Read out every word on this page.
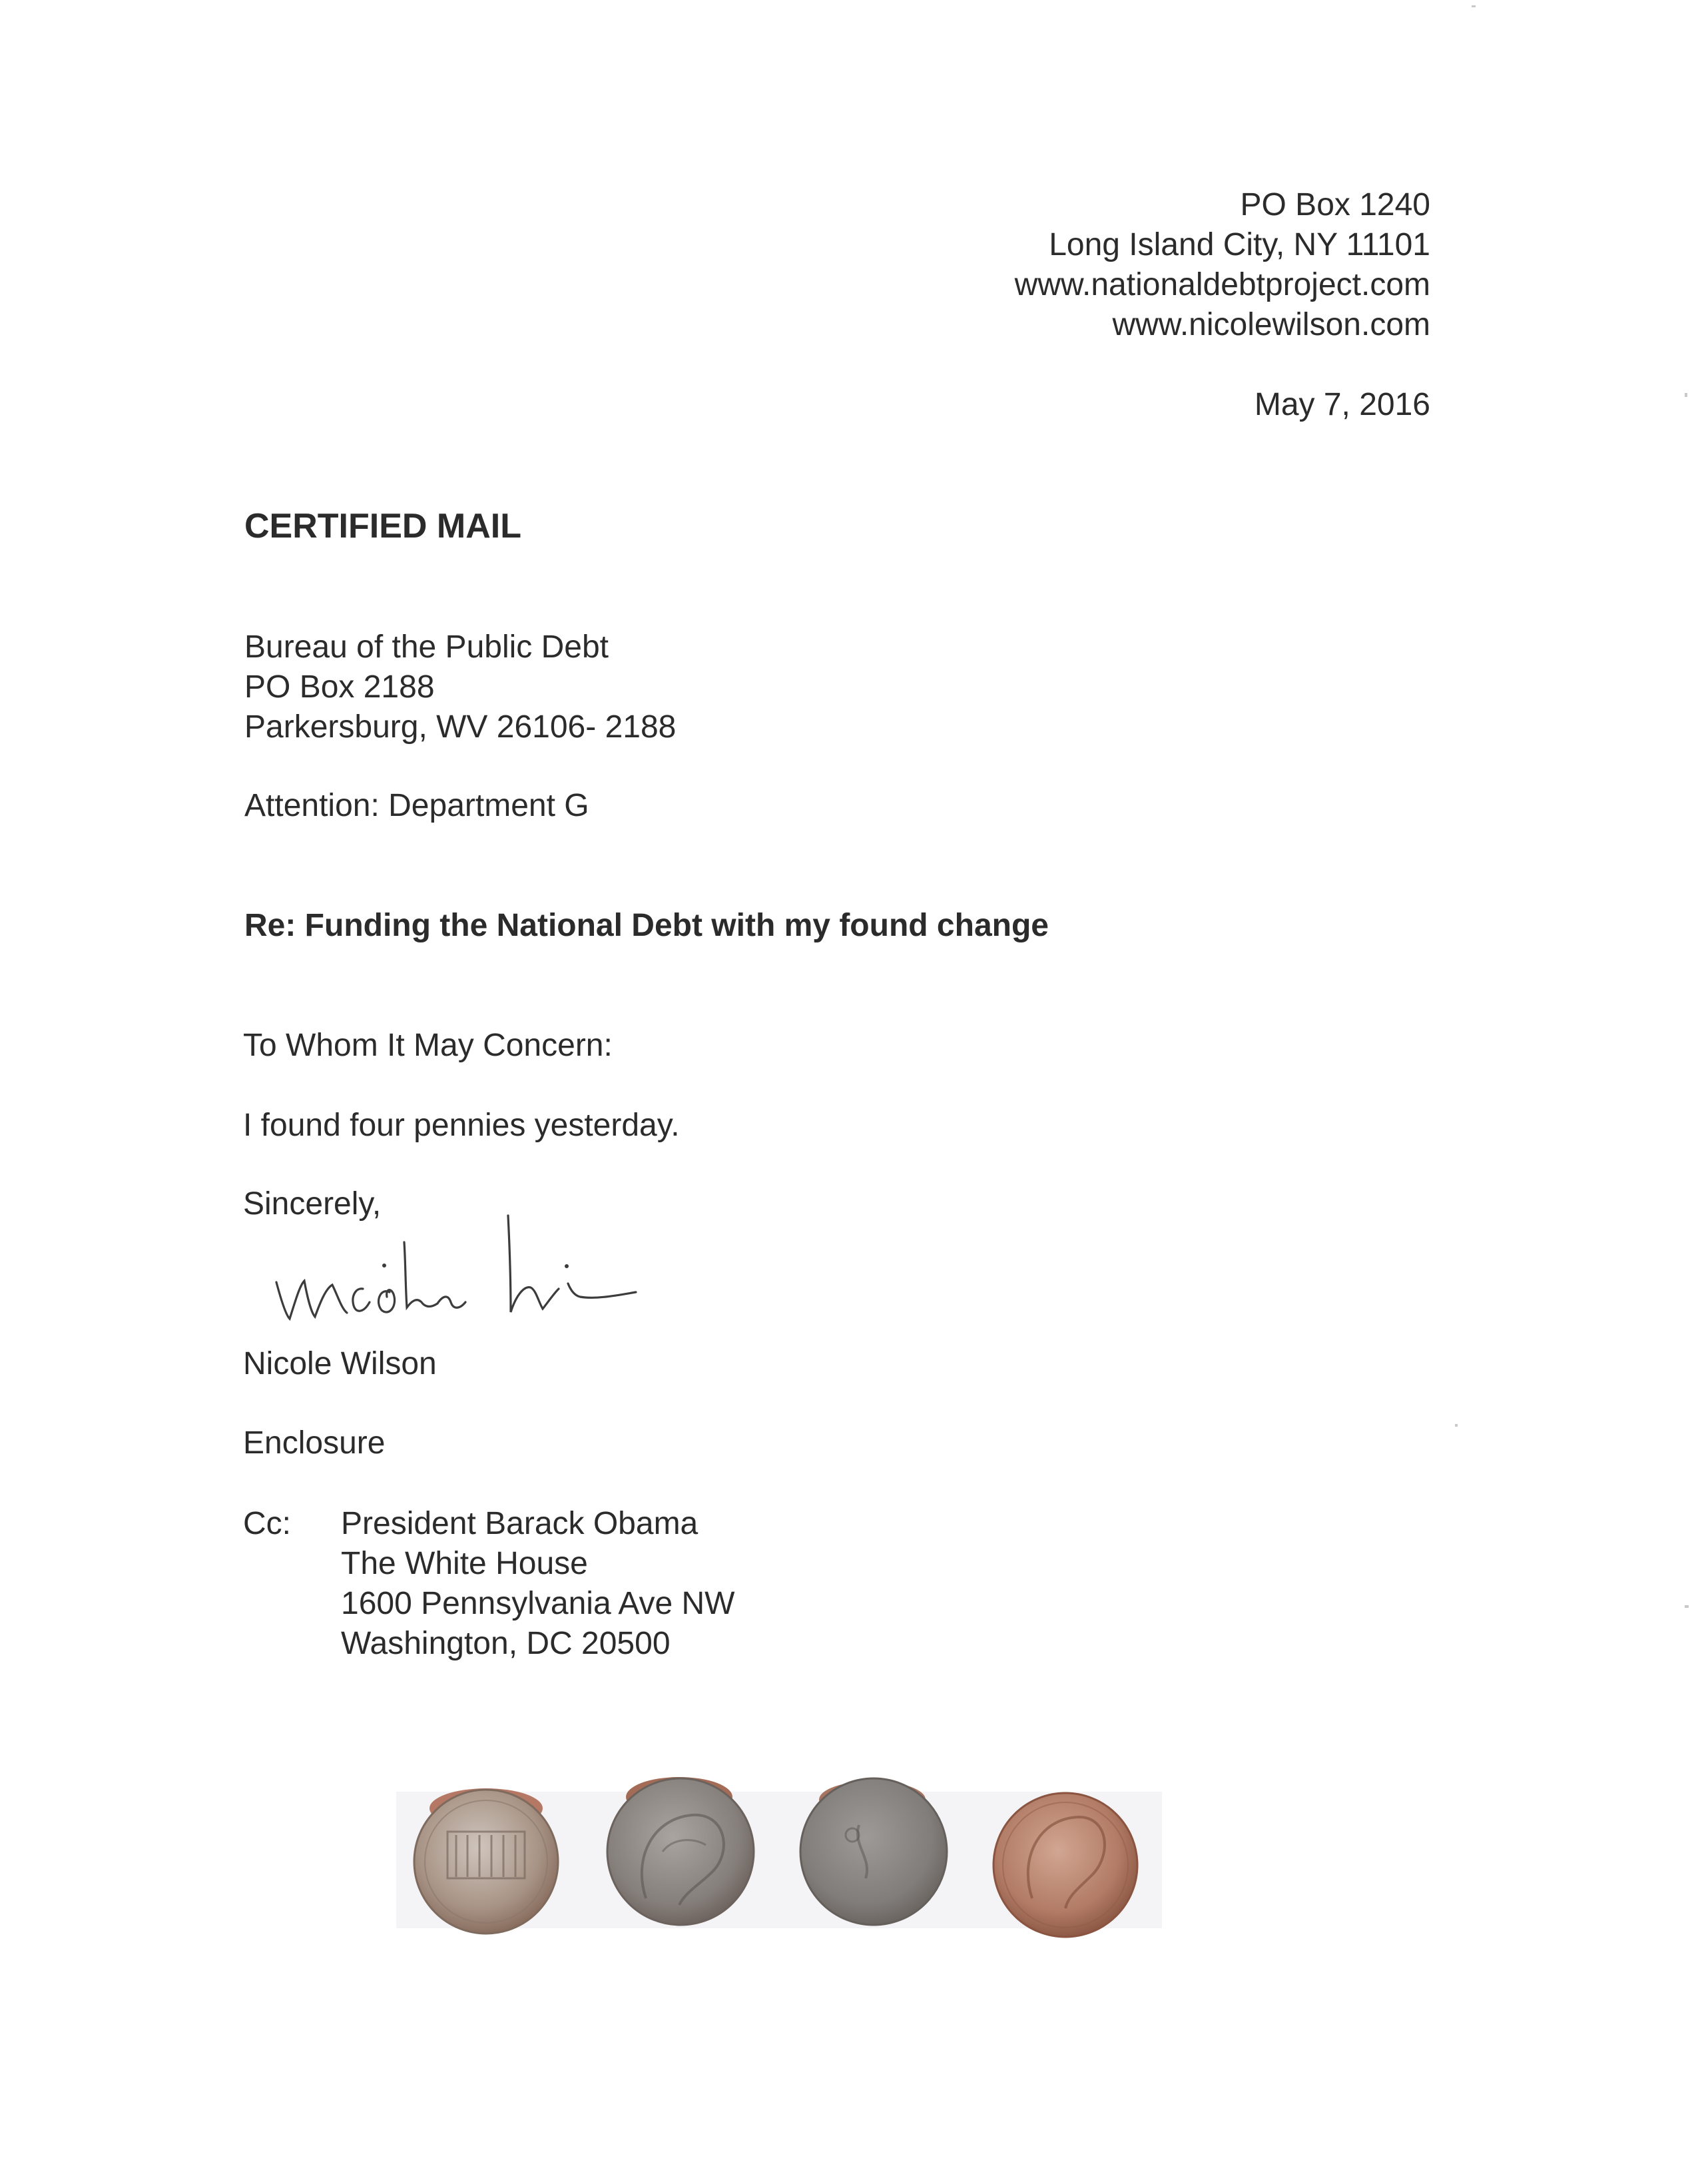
PO Box 1240
Long Island City, NY 11101
www.nationaldebtproject.com
www.nicolewilson.com
May 7, 2016
CERTIFIED MAIL
Bureau of the Public Debt
PO Box 2188
Parkersburg, WV 26106- 2188
Attention: Department G
Re: Funding the National Debt with my found change
To Whom It May Concern:
I found four pennies yesterday.
Sincerely,
Nicole Wilson
Enclosure
Cc: President Barack Obama
The White House
1600 Pennsylvania Ave NW
Washington, DC 20500
